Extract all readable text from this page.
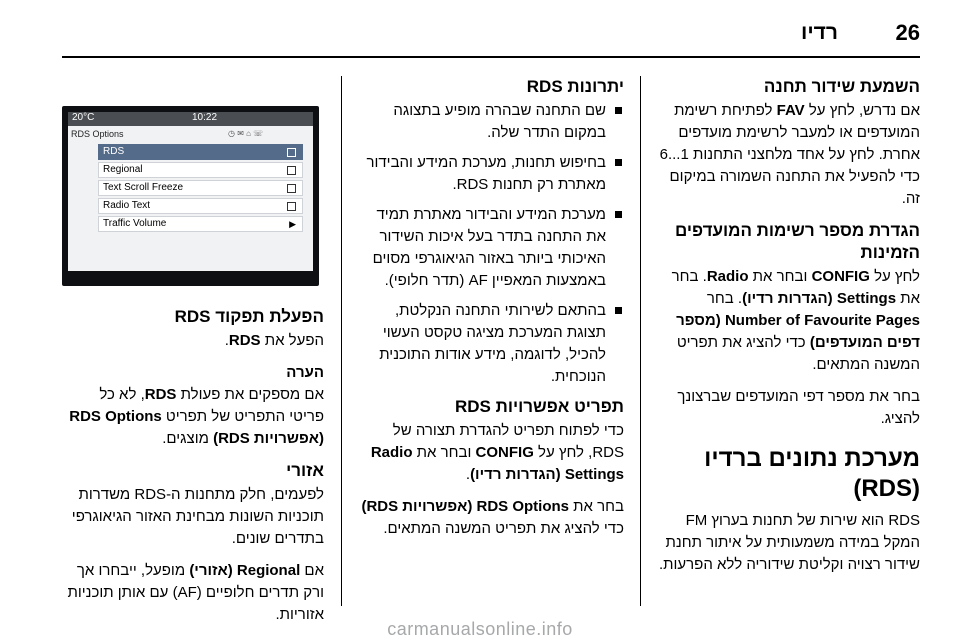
26
רדיו
השמעת שידור תחנה

אם נדרש, לחץ על FAV לפתיחת רשימת המועדפים או למעבר לרשימת מועדפים אחרת. לחץ על אחד מלחצני התחנות 1...6 כדי להפעיל את התחנה השמורה במיקום זה.

הגדרת מספר רשימות המועדפים הזמינות

לחץ על CONFIG ובחר את Radio. בחר את Settings (הגדרות רדיו). בחר Number of Favourite Pages (מספר דפים המועדפים) כדי להציג את תפריט המשנה המתאים.

בחר את מספר דפי המועדפים שברצונך להציג.

מערכת נתונים ברדיו (RDS)

RDS הוא שירות של תחנות בערוץ FM המקל במידה משמעותית על איתור תחנת שידור רצויה וקליטת שידוריה ללא הפרעות.

יתרונות RDS
שם התחנה שבהרה מופיע בתצוגה במקום התדר שלה.
בחיפוש תחנות, מערכת המידע והבידור מאתרת רק תחנות RDS.
מערכת המידע והבידור מאתרת תמיד את התחנה בתדר בעל איכות השידור האיכותי ביותר באזור הגיאוגרפי מסוים באמצעות המאפיין AF (תדר חלופי).
בהתאם לשירותי התחנה הנקלטת, תצוגת המערכת מציגה טקסט העשוי להכיל, לדוגמה, מידע אודות התוכנית הנוכחית.
תפריט אפשרויות RDS

כדי לפתוח תפריט להגדרת תצורה של RDS, לחץ על CONFIG ובחר את Radio Settings (הגדרות רדיו).

בחר את RDS Options (אפשרויות RDS) כדי להציג את תפריט המשנה המתאים.

20°C	10:22
RDS Options	◷ ✉ ⌂ ☏
RDS
Regional
Text Scroll Freeze
Radio Text
Traffic Volume	▶
הפעלת תפקוד RDS

הפעל את RDS.

הערה

אם מספקים את פעולת RDS, לא כל פריטי התפריט של תפריט RDS Options (אפשרויות RDS) מוצגים.

אזורי

לפעמים, חלק מתחנות ה-RDS משדרות תוכניות השונות מבחינת האזור הגיאוגרפי בתדרים שונים.

אם Regional (אזורי) מופעל, ייבחרו אך ורק תדרים חלופיים (AF) עם אותן תוכניות אזוריות.

carmanualsonline.info
